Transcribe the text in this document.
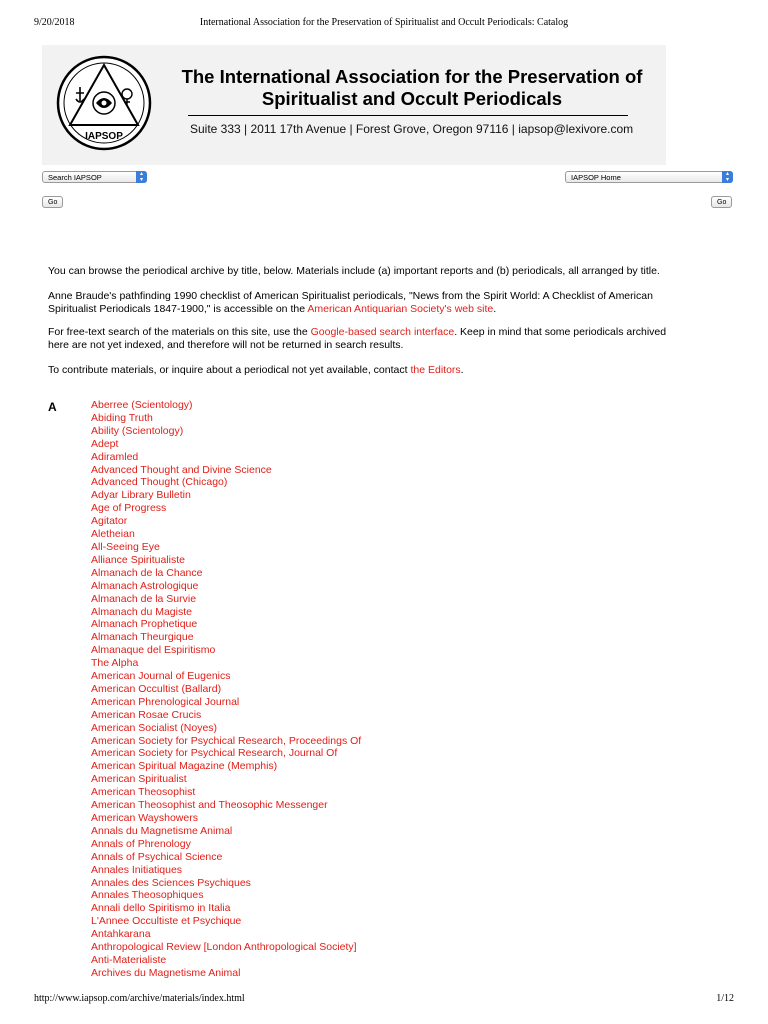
9/20/2018	International Association for the Preservation of Spiritualist and Occult Periodicals: Catalog
IAPSOP
The International Association for the Preservation of
Spiritualist and Occult Periodicals
Suite 333 | 2011 17th Avenue | Forest Grove, Oregon 97116 | iapsop@lexivore.com
Search IAPSOP	▴
▾	IAPSOP Home	▴
▾
Go	Go

You can browse the periodical archive by title, below. Materials include (a) important reports and (b) periodicals, all arranged by title.

Anne Braude's pathfinding 1990 checklist of American Spiritualist periodicals, "News from the Spirit World: A Checklist of American
Spiritualist Periodicals 1847-1900," is accessible on the American Antiquarian Society's web site.

For free-text search of the materials on this site, use the Google-based search interface. Keep in mind that some periodicals archived
here are not yet indexed, and therefore will not be returned in search results.

To contribute materials, or inquire about a periodical not yet available, contact the Editors.

A	Aberree (Scientology)
Abiding Truth
Ability (Scientology)
Adept
Adiramled
Advanced Thought and Divine Science
Advanced Thought (Chicago)
Adyar Library Bulletin
Age of Progress
Agitator
Aletheian
All-Seeing Eye
Alliance Spiritualiste
Almanach de la Chance
Almanach Astrologique
Almanach de la Survie
Almanach du Magiste
Almanach Prophetique
Almanach Theurgique
Almanaque del Espiritismo
The Alpha
American Journal of Eugenics
American Occultist (Ballard)
American Phrenological Journal
American Rosae Crucis
American Socialist (Noyes)
American Society for Psychical Research, Proceedings Of
American Society for Psychical Research, Journal Of
American Spiritual Magazine (Memphis)
American Spiritualist
American Theosophist
American Theosophist and Theosophic Messenger
American Wayshowers
Annals du Magnetisme Animal
Annals of Phrenology
Annals of Psychical Science
Annales Initiatiques
Annales des Sciences Psychiques
Annales Theosophiques
Annali dello Spiritismo in Italia
L'Annee Occultiste et Psychique
Antahkarana
Anthropological Review [London Anthropological Society]
Anti-Materialiste
Archives du Magnetisme Animal
http://www.iapsop.com/archive/materials/index.html	1/12
